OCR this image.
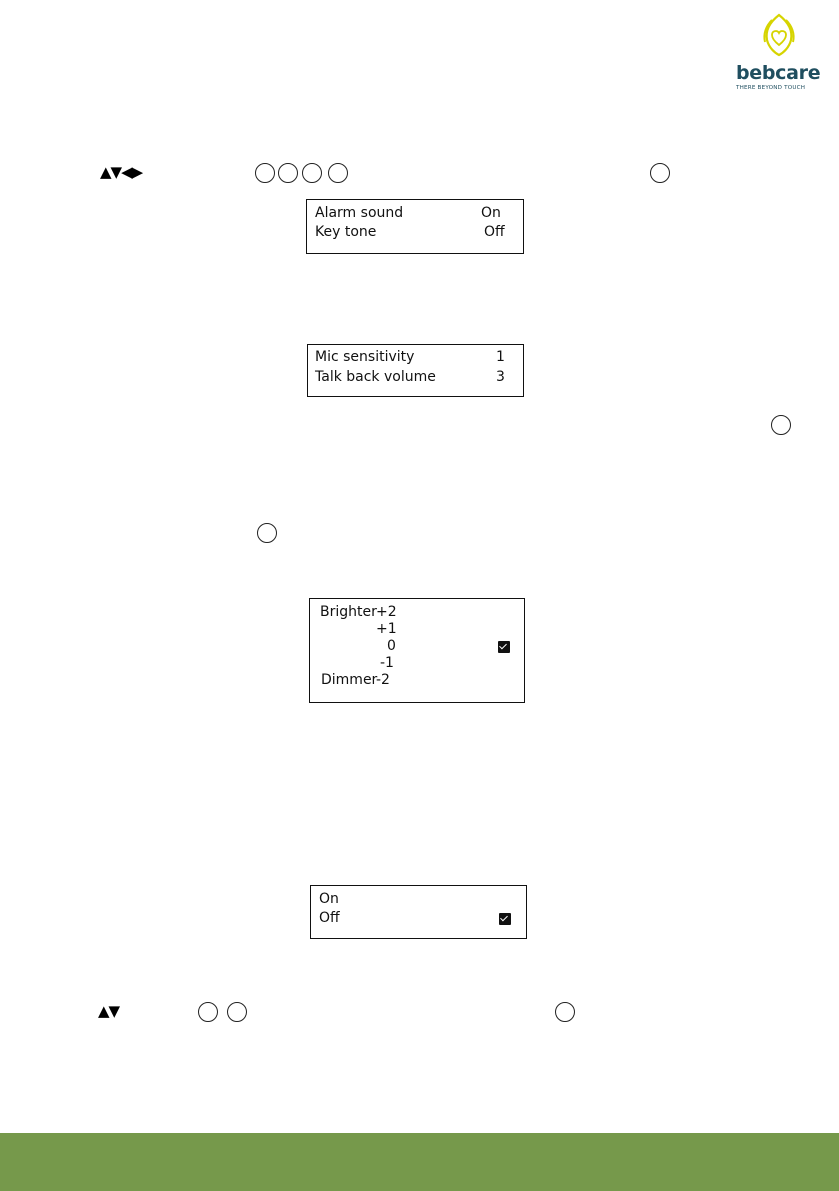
bebcare
THERE BEYOND TOUCH
▲▼◀▶
Alarm sound	On
Key tone	Off
Mic sensitivity	1
Talk back volume	3
Brighter +2
+1
0
-1
Dimmer
-2
On
Off
▲▼
